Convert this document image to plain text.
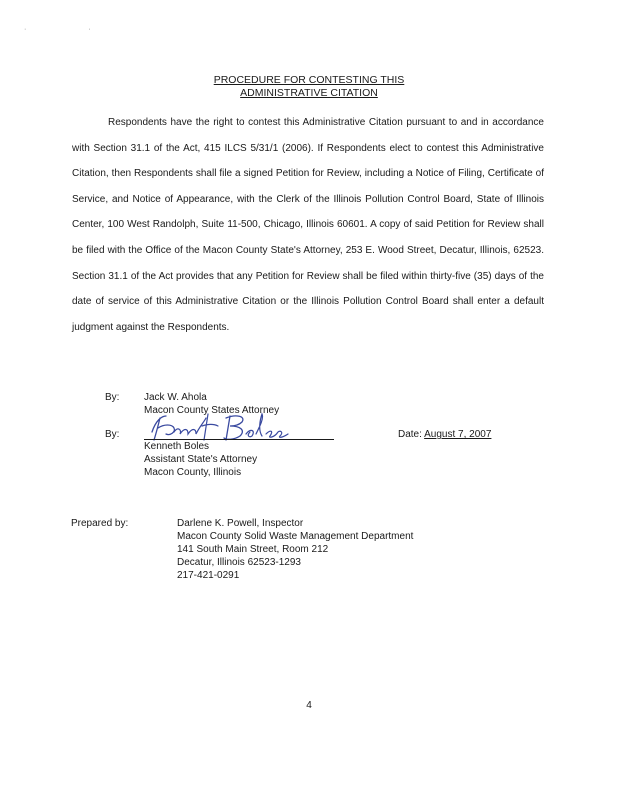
· ·
PROCEDURE FOR CONTESTING THIS
ADMINISTRATIVE CITATION

Respondents have the right to contest this Administrative Citation pursuant to and in accordance with Section 31.1 of the Act, 415 ILCS 5/31/1 (2006). If Respondents elect to contest this Administrative Citation, then Respondents shall file a signed Petition for Review, including a Notice of Filing, Certificate of Service, and Notice of Appearance, with the Clerk of the Illinois Pollution Control Board, State of Illinois Center, 100 West Randolph, Suite 11-500, Chicago, Illinois 60601. A copy of said Petition for Review shall be filed with the Office of the Macon County State's Attorney, 253 E. Wood Street, Decatur, Illinois, 62523. Section 31.1 of the Act provides that any Petition for Review shall be filed within thirty-five (35) days of the date of service of this Administrative Citation or the Illinois Pollution Control Board shall enter a default judgment against the Respondents.

By: Jack W. Ahola
Macon County States Attorney
By:
Kenneth Boles
Assistant State's Attorney
Macon County, Illinois
Date: August 7, 2007
Prepared by:	Darlene K. Powell, Inspector
Macon County Solid Waste Management Department
141 South Main Street, Room 212
Decatur, Illinois 62523-1293
217-421-0291
4
